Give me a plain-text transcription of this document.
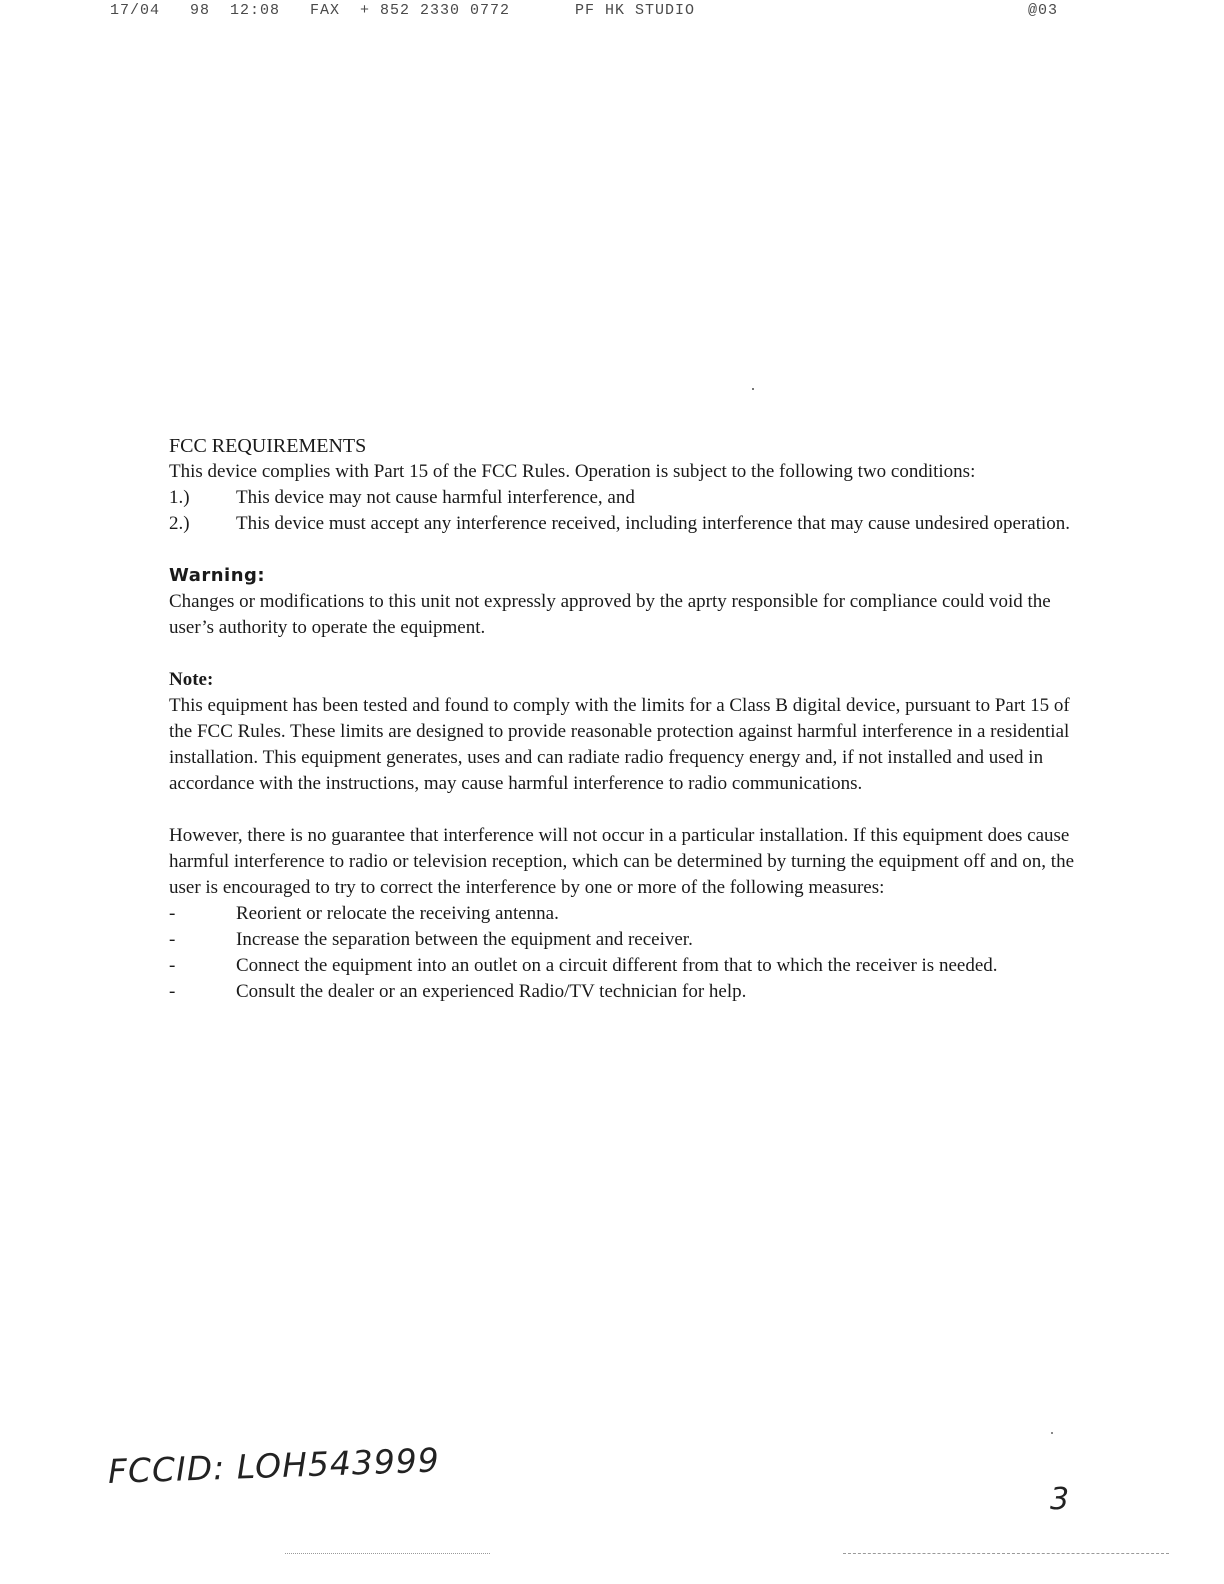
17/04   98  12:08   FAX  + 852 2330 0772	PF HK STUDIO	@03

FCC REQUIREMENTS

This device complies with Part 15 of the FCC Rules. Operation is subject to the following two conditions:

1.) This device may not cause harmful interference, and

2.) This device must accept any interference received, including interference that may cause undesired operation.

Warning:

Changes or modifications to this unit not expressly approved by the aprty responsible for compliance could void the user’s authority to operate the equipment.

Note:

This equipment has been tested and found to comply with the limits for a Class B digital device, pursuant to Part 15 of the FCC Rules. These limits are designed to provide reasonable protection against harmful interference in a residential installation. This equipment generates, uses and can radiate radio frequency energy and, if not installed and used in accordance with the instructions, may cause harmful interference to radio communications.

However, there is no guarantee that interference will not occur in a particular installation. If this equipment does cause harmful interference to radio or television reception, which can be determined by turning the equipment off and on, the user is encouraged to try to correct the interference by one or more of the following measures:

-	Reorient or relocate the receiving antenna.

-	Increase the separation between the equipment and receiver.

-	Connect the equipment into an outlet on a circuit different from that to which the receiver is needed.

-	Consult the dealer or an experienced Radio/TV technician for help.

FCCID: LOH543999
3
